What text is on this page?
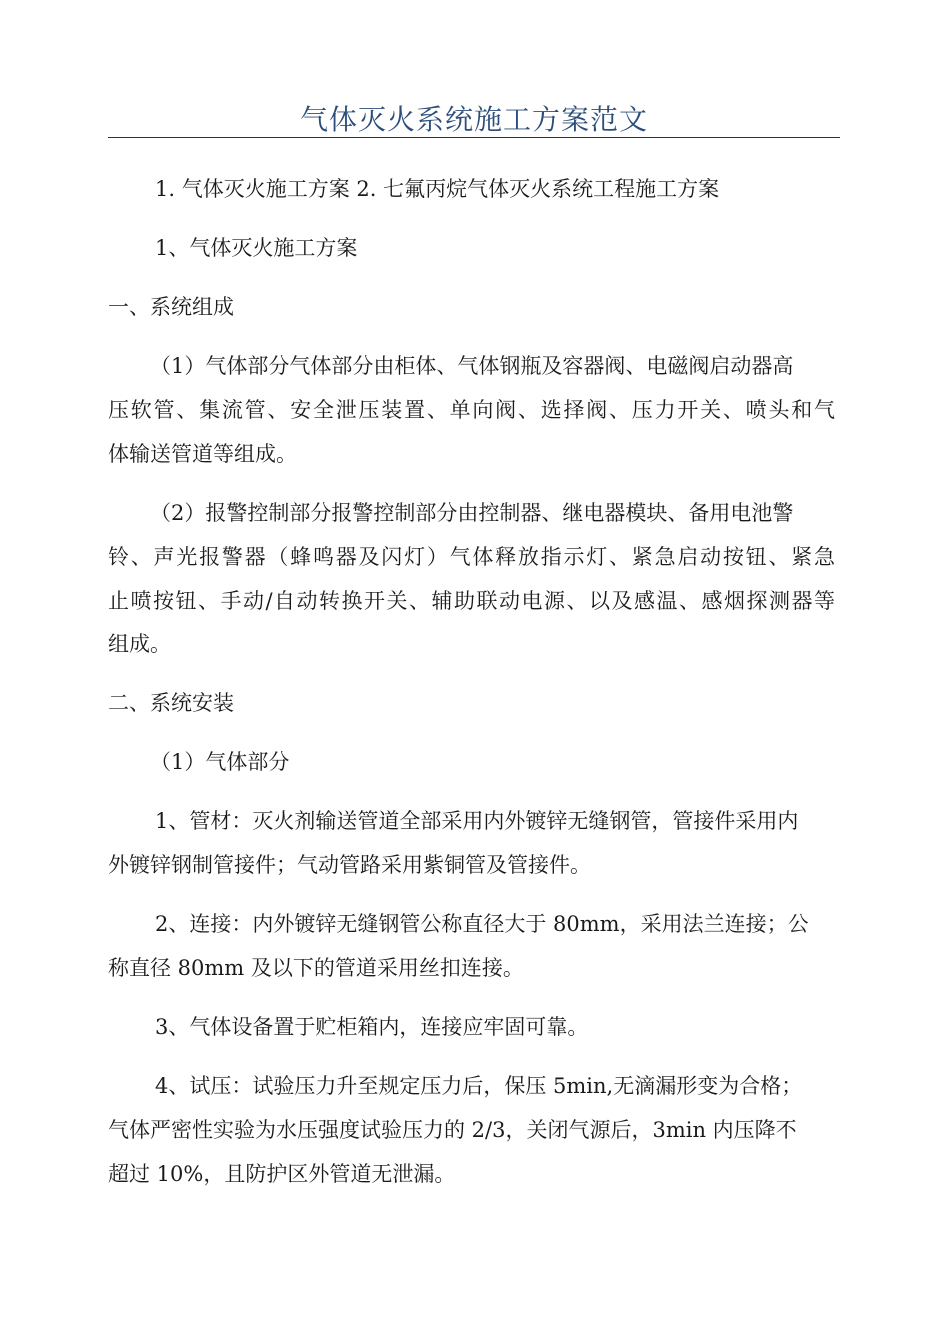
气体灭火系统施工方案范文
1. 气体灭火施工方案 2. 七氟丙烷气体灭火系统工程施工方案
1、气体灭火施工方案
一、系统组成
（1）气体部分气体部分由柜体、气体钢瓶及容器阀、电磁阀启动器高
压软管、集流管、安全泄压装置、单向阀、选择阀、压力开关、喷头和气
体输送管道等组成。
（2）报警控制部分报警控制部分由控制器、继电器模块、备用电池警
铃、声光报警器（蜂鸣器及闪灯）气体释放指示灯、紧急启动按钮、紧急
止喷按钮、手动/自动转换开关、辅助联动电源、以及感温、感烟探测器等
组成。
二、系统安装
（1）气体部分
1、管材：灭火剂输送管道全部采用内外镀锌无缝钢管，管接件采用内
外镀锌钢制管接件；气动管路采用紫铜管及管接件。
2、连接：内外镀锌无缝钢管公称直径大于 80mm，采用法兰连接；公
称直径 80mm 及以下的管道采用丝扣连接。
3、气体设备置于贮柜箱内，连接应牢固可靠。
4、试压：试验压力升至规定压力后，保压 5min,无滴漏形变为合格；
气体严密性实验为水压强度试验压力的 2/3，关闭气源后，3min 内压降不
超过 10%，且防护区外管道无泄漏。
